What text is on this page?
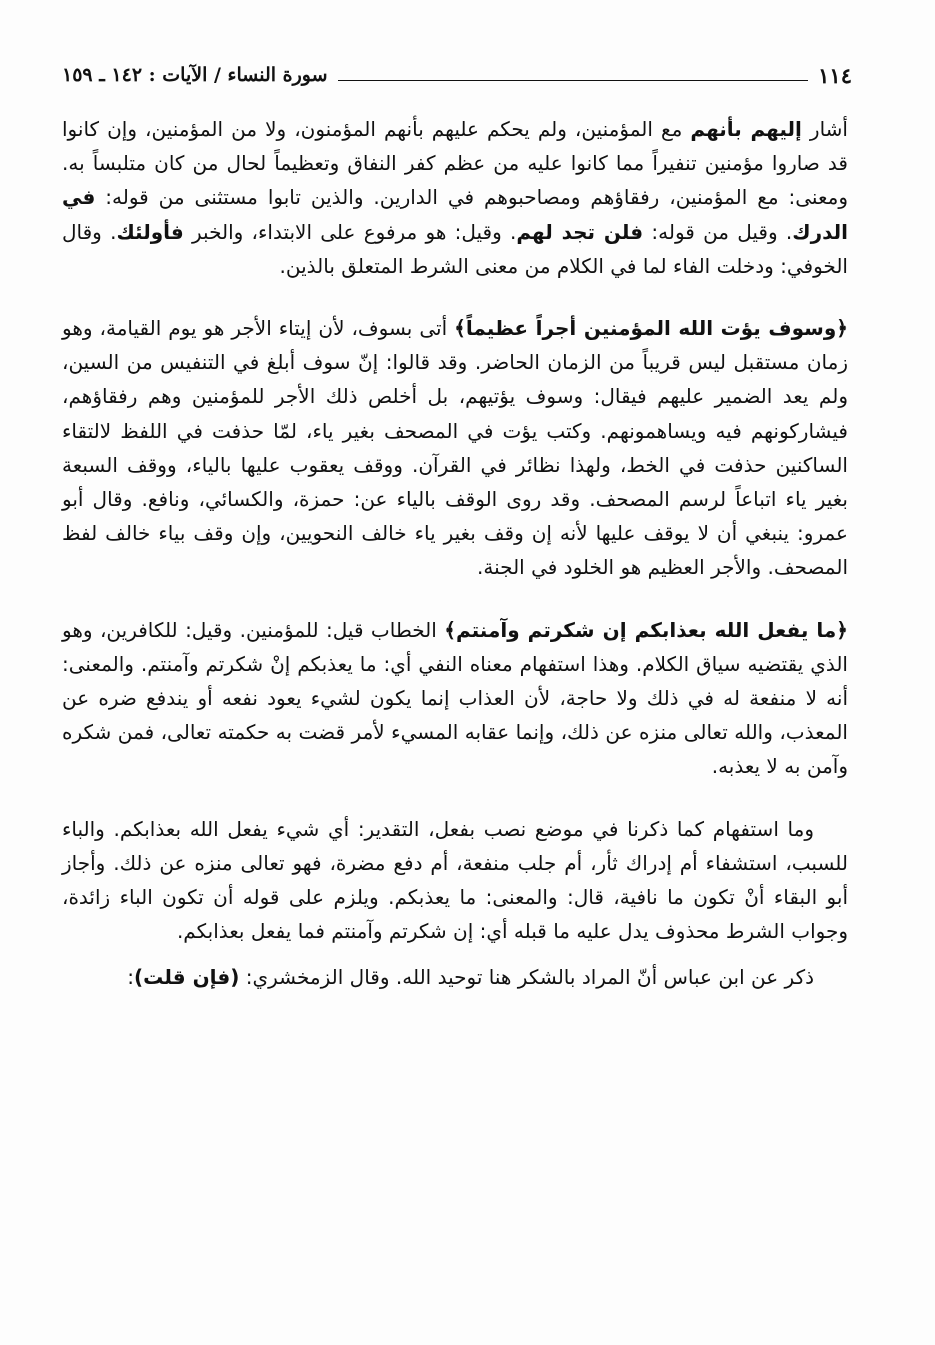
١١٤
سورة النساء / الآيات : ١٤٢ ـ ١٥٩

أشار إليهم بأنهم مع المؤمنين، ولم يحكم عليهم بأنهم المؤمنون، ولا من المؤمنين، وإن كانوا قد صاروا مؤمنين تنفيراً مما كانوا عليه من عظم كفر النفاق وتعظيماً لحال من كان متلبساً به. ومعنى: مع المؤمنين، رفقاؤهم ومصاحبوهم في الدارين. والذين تابوا مستثنى من قوله: في الدرك. وقيل من قوله: فلن تجد لهم. وقيل: هو مرفوع على الابتداء، والخبر فأولئك. وقال الخوفي: ودخلت الفاء لما في الكلام من معنى الشرط المتعلق بالذين.

﴿وسوف يؤت الله المؤمنين أجراً عظيماً﴾ أتى بسوف، لأن إيتاء الأجر هو يوم القيامة، وهو زمان مستقبل ليس قريباً من الزمان الحاضر. وقد قالوا: إنّ سوف أبلغ في التنفيس من السين، ولم يعد الضمير عليهم فيقال: وسوف يؤتيهم، بل أخلص ذلك الأجر للمؤمنين وهم رفقاؤهم، فيشاركونهم فيه ويساهمونهم. وكتب يؤت في المصحف بغير ياء، لمّا حذفت في اللفظ لالتقاء الساكنين حذفت في الخط، ولهذا نظائر في القرآن. ووقف يعقوب عليها بالياء، ووقف السبعة بغير ياء اتباعاً لرسم المصحف. وقد روى الوقف بالياء عن: حمزة، والكسائي، ونافع. وقال أبو عمرو: ينبغي أن لا يوقف عليها لأنه إن وقف بغير ياء خالف النحويين، وإن وقف بياء خالف لفظ المصحف. والأجر العظيم هو الخلود في الجنة.

﴿ما يفعل الله بعذابكم إن شكرتم وآمنتم﴾ الخطاب قيل: للمؤمنين. وقيل: للكافرين، وهو الذي يقتضيه سياق الكلام. وهذا استفهام معناه النفي أي: ما يعذبكم إنْ شكرتم وآمنتم. والمعنى: أنه لا منفعة له في ذلك ولا حاجة، لأن العذاب إنما يكون لشيء يعود نفعه أو يندفع ضره عن المعذب، والله تعالى منزه عن ذلك، وإنما عقابه المسيء لأمر قضت به حكمته تعالى، فمن شكره وآمن به لا يعذبه.

وما استفهام كما ذكرنا في موضع نصب بفعل، التقدير: أي شيء يفعل الله بعذابكم. والباء للسبب، استشفاء أم إدراك ثأر، أم جلب منفعة، أم دفع مضرة، فهو تعالى منزه عن ذلك. وأجاز أبو البقاء أنْ تكون ما نافية، قال: والمعنى: ما يعذبكم. ويلزم على قوله أن تكون الباء زائدة، وجواب الشرط محذوف يدل عليه ما قبله أي: إن شكرتم وآمنتم فما يفعل بعذابكم.

ذكر عن ابن عباس أنّ المراد بالشكر هنا توحيد الله. وقال الزمخشري: (فإن قلت):
